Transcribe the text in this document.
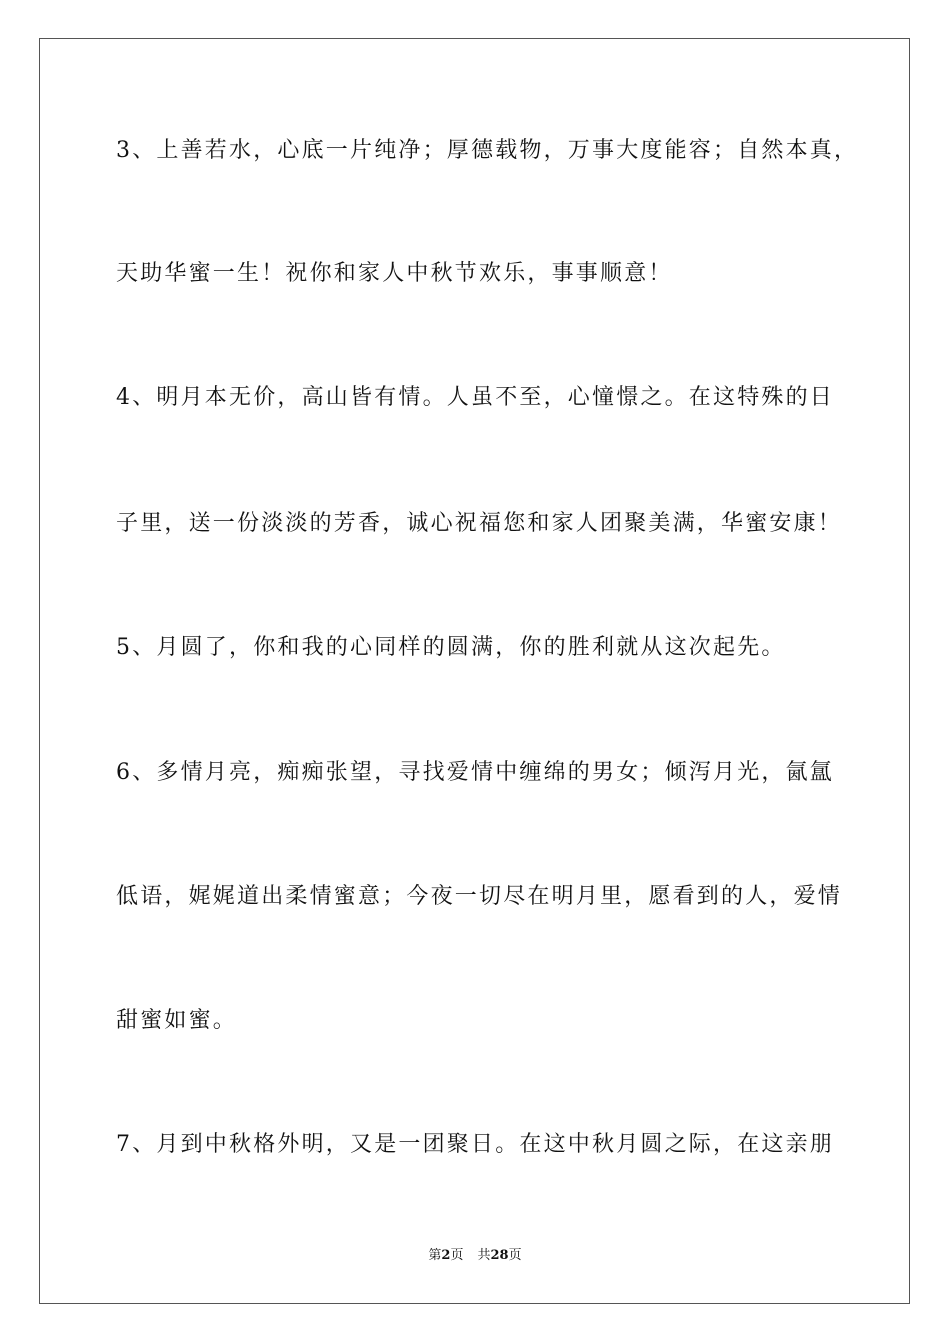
3、上善若水，心底一片纯净；厚德载物，万事大度能容；自然本真，
天助华蜜一生！祝你和家人中秋节欢乐，事事顺意！
4、明月本无价，高山皆有情。人虽不至，心憧憬之。在这特殊的日
子里，送一份淡淡的芳香，诚心祝福您和家人团聚美满，华蜜安康！
5、月圆了，你和我的心同样的圆满，你的胜利就从这次起先。
6、多情月亮，痴痴张望，寻找爱情中缠绵的男女；倾泻月光，氤氲
低语，娓娓道出柔情蜜意；今夜一切尽在明月里，愿看到的人，爱情
甜蜜如蜜。
7、月到中秋格外明，又是一团聚日。在这中秋月圆之际，在这亲朋
第2页 共28页
